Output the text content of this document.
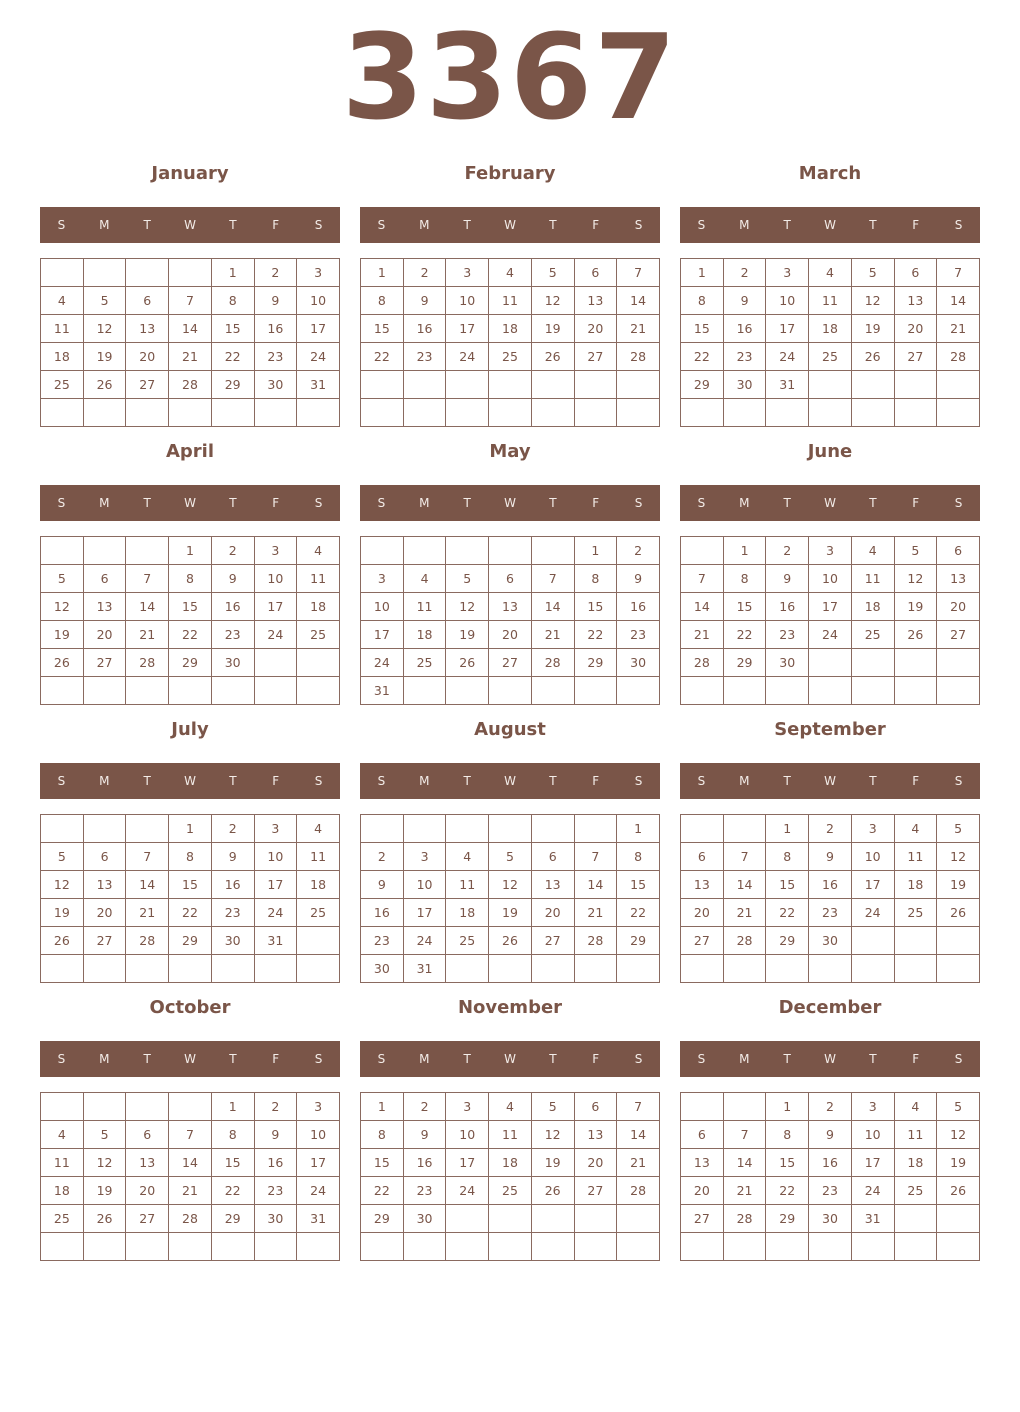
3367
January
S	M	T	W	T	F	S
				1	2	3
4	5	6	7	8	9	10
11	12	13	14	15	16	17
18	19	20	21	22	23	24
25	26	27	28	29	30	31

February
S	M	T	W	T	F	S
1	2	3	4	5	6	7
8	9	10	11	12	13	14
15	16	17	18	19	20	21
22	23	24	25	26	27	28

March
S	M	T	W	T	F	S
1	2	3	4	5	6	7
8	9	10	11	12	13	14
15	16	17	18	19	20	21
22	23	24	25	26	27	28
29	30	31				

April
S	M	T	W	T	F	S
			1	2	3	4
5	6	7	8	9	10	11
12	13	14	15	16	17	18
19	20	21	22	23	24	25
26	27	28	29	30		

May
S	M	T	W	T	F	S
					1	2
3	4	5	6	7	8	9
10	11	12	13	14	15	16
17	18	19	20	21	22	23
24	25	26	27	28	29	30
31						
June
S	M	T	W	T	F	S
	1	2	3	4	5	6
7	8	9	10	11	12	13
14	15	16	17	18	19	20
21	22	23	24	25	26	27
28	29	30				

July
S	M	T	W	T	F	S
			1	2	3	4
5	6	7	8	9	10	11
12	13	14	15	16	17	18
19	20	21	22	23	24	25
26	27	28	29	30	31	

August
S	M	T	W	T	F	S
						1
2	3	4	5	6	7	8
9	10	11	12	13	14	15
16	17	18	19	20	21	22
23	24	25	26	27	28	29
30	31					
September
S	M	T	W	T	F	S
		1	2	3	4	5
6	7	8	9	10	11	12
13	14	15	16	17	18	19
20	21	22	23	24	25	26
27	28	29	30			

October
S	M	T	W	T	F	S
				1	2	3
4	5	6	7	8	9	10
11	12	13	14	15	16	17
18	19	20	21	22	23	24
25	26	27	28	29	30	31

November
S	M	T	W	T	F	S
1	2	3	4	5	6	7
8	9	10	11	12	13	14
15	16	17	18	19	20	21
22	23	24	25	26	27	28
29	30					

December
S	M	T	W	T	F	S
		1	2	3	4	5
6	7	8	9	10	11	12
13	14	15	16	17	18	19
20	21	22	23	24	25	26
27	28	29	30	31		
